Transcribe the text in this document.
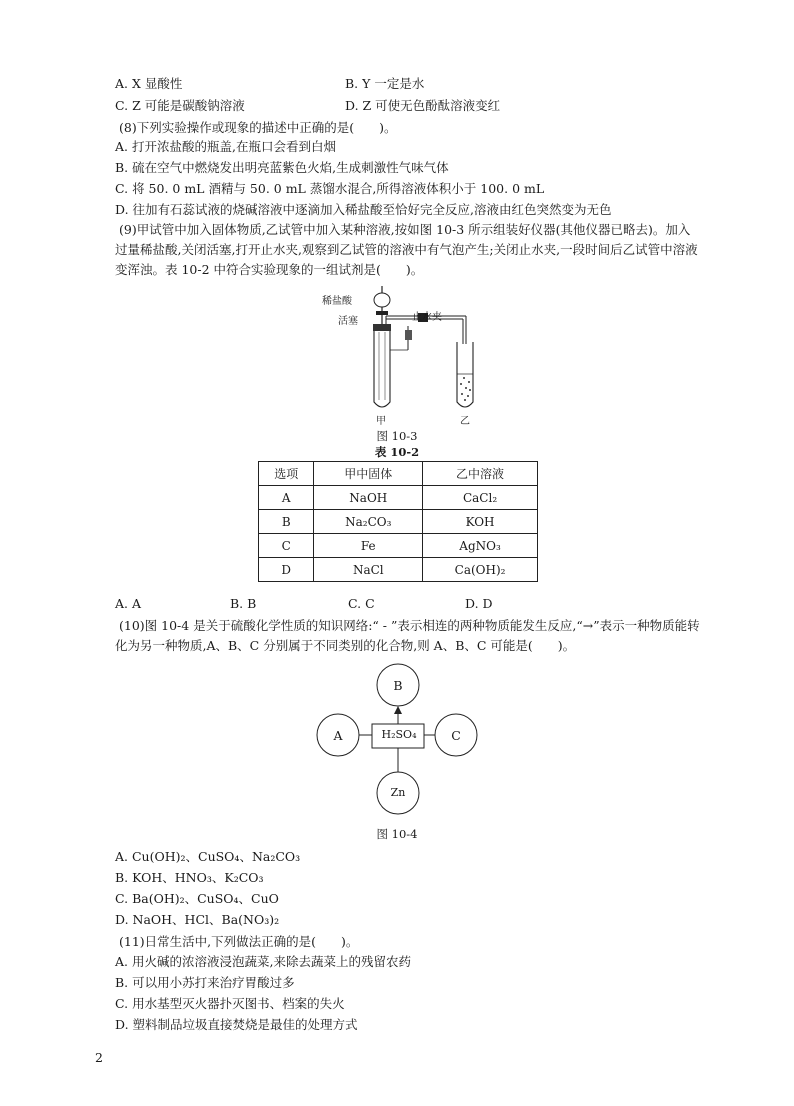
A. X 显酸性	B. Y 一定是水
C. Z 可能是碳酸钠溶液	D. Z 可使无色酚酞溶液变红
(8)下列实验操作或现象的描述中正确的是(　　)。
A. 打开浓盐酸的瓶盖,在瓶口会看到白烟
B. 硫在空气中燃烧发出明亮蓝紫色火焰,生成刺激性气味气体
C. 将 50. 0 mL 酒精与 50. 0 mL 蒸馏水混合,所得溶液体积小于 100. 0 mL
D. 往加有石蕊试液的烧碱溶液中逐滴加入稀盐酸至恰好完全反应,溶液由红色突然变为无色
(9)甲试管中加入固体物质,乙试管中加入某种溶液,按如图 10-3 所示组装好仪器(其他仪器已略去)。加入过量稀盐酸,关闭活塞,打开止水夹,观察到乙试管的溶液中有气泡产生;关闭止水夹,一段时间后乙试管中溶液变浑浊。表 10-2 中符合实验现象的一组试剂是(　　)。
稀盐酸
活塞	止水夹
甲	乙
图 10-3
表 10-2
选项	甲中固体	乙中溶液
A	NaOH	CaCl₂
B	Na₂CO₃	KOH
C	Fe	AgNO₃
D	NaCl	Ca(OH)₂
A. A	B. B	C. C	D. D
(10)图 10-4 是关于硫酸化学性质的知识网络:“ - ”表示相连的两种物质能发生反应,“→”表示一种物质能转化为另一种物质,A、B、C 分别属于不同类别的化合物,则 A、B、C 可能是(　　)。
B
A	C
H₂SO₄
Zn
图 10-4
A. Cu(OH)₂、CuSO₄、Na₂CO₃
B. KOH、HNO₃、K₂CO₃
C. Ba(OH)₂、CuSO₄、CuO
D. NaOH、HCl、Ba(NO₃)₂
(11)日常生活中,下列做法正确的是(　　)。
A. 用火碱的浓溶液浸泡蔬菜,来除去蔬菜上的残留农药
B. 可以用小苏打来治疗胃酸过多
C. 用水基型灭火器扑灭图书、档案的失火
D. 塑料制品垃圾直接焚烧是最佳的处理方式
2
